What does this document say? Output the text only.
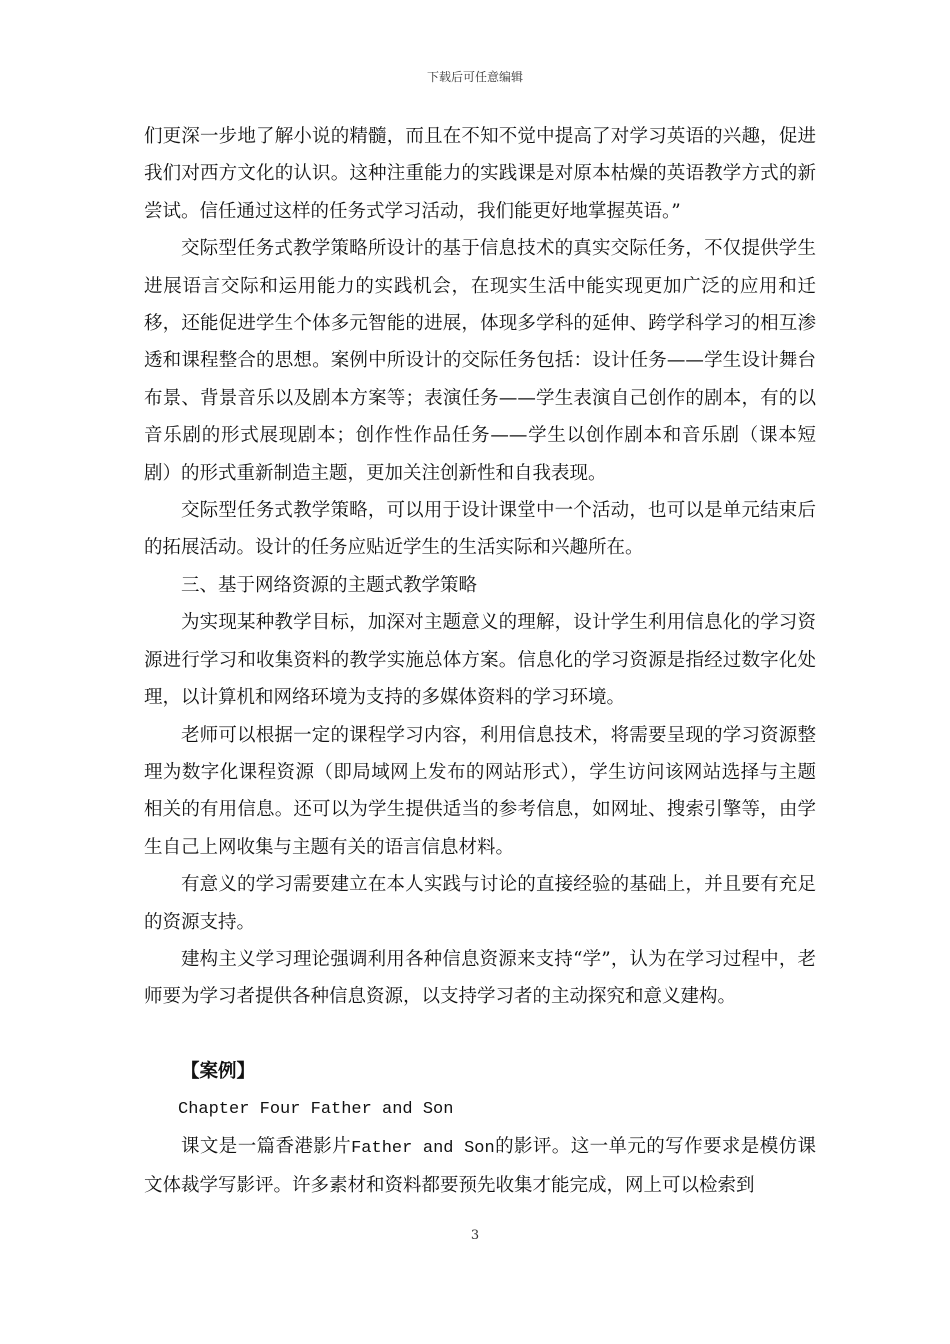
下载后可任意编辑

们更深一步地了解小说的精髓，而且在不知不觉中提高了对学习英语的兴趣，促进我们对西方文化的认识。这种注重能力的实践课是对原本枯燥的英语教学方式的新尝试。信任通过这样的任务式学习活动，我们能更好地掌握英语。”

交际型任务式教学策略所设计的基于信息技术的真实交际任务，不仅提供学生进展语言交际和运用能力的实践机会，在现实生活中能实现更加广泛的应用和迁移，还能促进学生个体多元智能的进展，体现多学科的延伸、跨学科学习的相互渗透和课程整合的思想。案例中所设计的交际任务包括：设计任务——学生设计舞台布景、背景音乐以及剧本方案等；表演任务——学生表演自己创作的剧本，有的以音乐剧的形式展现剧本；创作性作品任务——学生以创作剧本和音乐剧（课本短剧）的形式重新制造主题，更加关注创新性和自我表现。

交际型任务式教学策略，可以用于设计课堂中一个活动，也可以是单元结束后的拓展活动。设计的任务应贴近学生的生活实际和兴趣所在。

三、基于网络资源的主题式教学策略

为实现某种教学目标，加深对主题意义的理解，设计学生利用信息化的学习资源进行学习和收集资料的教学实施总体方案。信息化的学习资源是指经过数字化处理，以计算机和网络环境为支持的多媒体资料的学习环境。

老师可以根据一定的课程学习内容，利用信息技术，将需要呈现的学习资源整理为数字化课程资源（即局域网上发布的网站形式），学生访问该网站选择与主题相关的有用信息。还可以为学生提供适当的参考信息，如网址、搜索引擎等，由学生自己上网收集与主题有关的语言信息材料。

有意义的学习需要建立在本人实践与讨论的直接经验的基础上，并且要有充足的资源支持。

建构主义学习理论强调利用各种信息资源来支持“学”，认为在学习过程中，老师要为学习者提供各种信息资源，以支持学习者的主动探究和意义建构。

【案例】

Chapter Four Father and Son

课文是一篇香港影片Father and Son的影评。这一单元的写作要求是模仿课文体裁学写影评。许多素材和资料都要预先收集才能完成，网上可以检索到

3
